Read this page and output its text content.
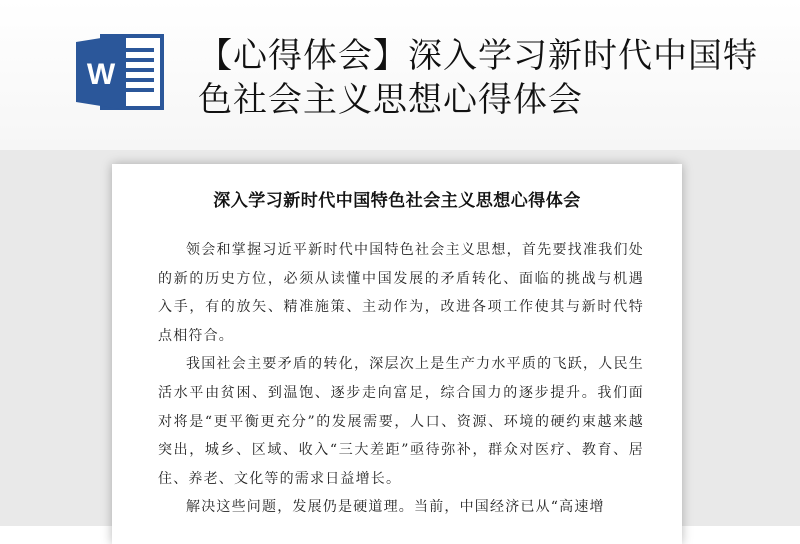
W 【心得体会】深入学习新时代中国特色社会主义思想心得体会
深入学习新时代中国特色社会主义思想心得体会

领会和掌握习近平新时代中国特色社会主义思想，首先要找准我们处的新的历史方位，必须从读懂中国发展的矛盾转化、面临的挑战与机遇入手，有的放矢、精准施策、主动作为，改进各项工作使其与新时代特点相符合。

我国社会主要矛盾的转化，深层次上是生产力水平质的飞跃，人民生活水平由贫困、到温饱、逐步走向富足，综合国力的逐步提升。我们面对将是“更平衡更充分”的发展需要，人口、资源、环境的硬约束越来越突出，城乡、区域、收入“三大差距”亟待弥补，群众对医疗、教育、居住、养老、文化等的需求日益增长。

解决这些问题，发展仍是硬道理。当前，中国经济已从“高速增
